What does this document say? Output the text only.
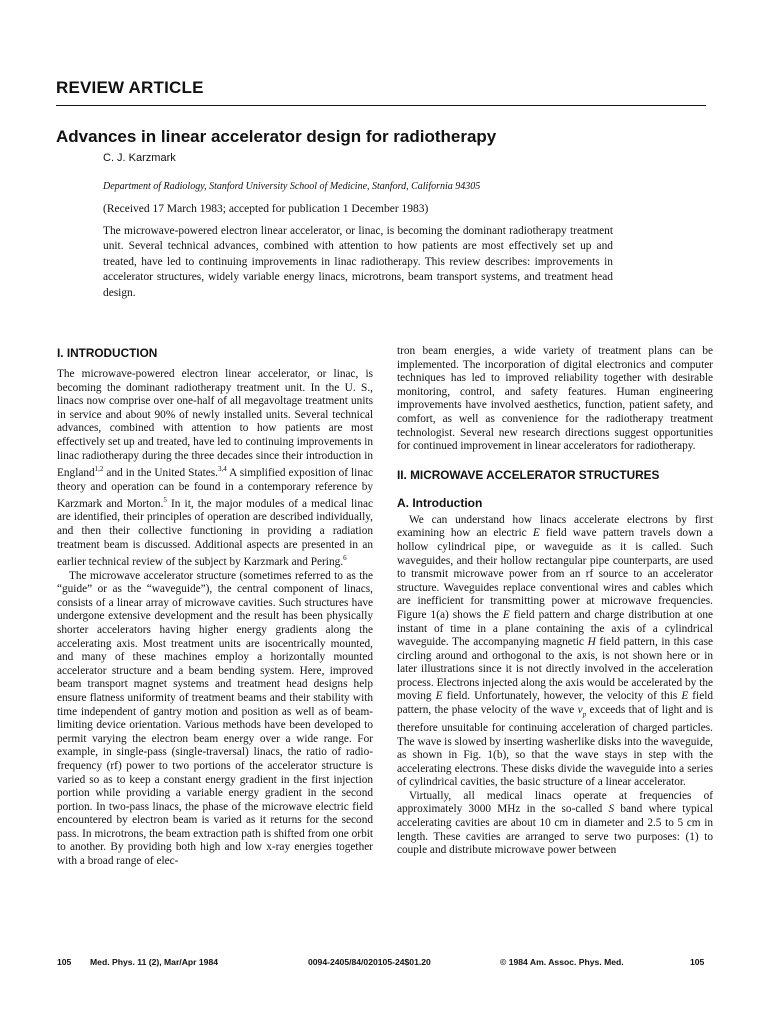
REVIEW ARTICLE
Advances in linear accelerator design for radiotherapy
C. J. Karzmark
Department of Radiology, Stanford University School of Medicine, Stanford, California 94305
(Received 17 March 1983; accepted for publication 1 December 1983)

The microwave-powered electron linear accelerator, or linac, is becoming the dominant radiotherapy treatment unit. Several technical advances, combined with attention to how patients are most effectively set up and treated, have led to continuing improvements in linac radiotherapy. This review describes: improvements in accelerator structures, widely variable energy linacs, microtrons, beam transport systems, and treatment head design.

I. INTRODUCTION

The microwave-powered electron linear accelerator, or linac, is becoming the dominant radiotherapy treatment unit. In the U. S., linacs now comprise over one-half of all megavoltage treatment units in service and about 90% of newly installed units. Several technical advances, combined with attention to how patients are most effectively set up and treated, have led to continuing improvements in linac radiotherapy during the three decades since their introduction in England$^{1,2}$ and in the United States.$^{3,4}$ A simplified exposition of linac theory and operation can be found in a contemporary reference by Karzmark and Morton.$^5$ In it, the major modules of a medical linac are identified, their principles of operation are described individually, and then their collective functioning in providing a radiation treatment beam is discussed. Additional aspects are presented in an earlier technical review of the subject by Karzmark and Pering.$^6$

The microwave accelerator structure (sometimes referred to as the “guide” or as the “waveguide”), the central component of linacs, consists of a linear array of microwave cavities. Such structures have undergone extensive development and the result has been physically shorter accelerators having higher energy gradients along the accelerating axis. Most treatment units are isocentrically mounted, and many of these machines employ a horizontally mounted accelerator structure and a beam bending system. Here, improved beam transport magnet systems and treatment head designs help ensure flatness uniformity of treatment beams and their stability with time independent of gantry motion and position as well as of beam-limiting device orientation. Various methods have been developed to permit varying the electron beam energy over a wide range. For example, in single-pass (single-traversal) linacs, the ratio of radio-frequency (rf) power to two portions of the accelerator structure is varied so as to keep a constant energy gradient in the first injection portion while providing a variable energy gradient in the second portion. In two-pass linacs, the phase of the microwave electric field encountered by electron beam is varied as it returns for the second pass. In microtrons, the beam extraction path is shifted from one orbit to another. By providing both high and low x-ray energies together with a broad range of elec-

tron beam energies, a wide variety of treatment plans can be implemented. The incorporation of digital electronics and computer techniques has led to improved reliability together with desirable monitoring, control, and safety features. Human engineering improvements have involved aesthetics, function, patient safety, and comfort, as well as convenience for the radiotherapy treatment technologist. Several new research directions suggest opportunities for continued improvement in linear accelerators for radiotherapy.

II. MICROWAVE ACCELERATOR STRUCTURES
A. Introduction

We can understand how linacs accelerate electrons by first examining how an electric E field wave pattern travels down a hollow cylindrical pipe, or waveguide as it is called. Such waveguides, and their hollow rectangular pipe counterparts, are used to transmit microwave power from an rf source to an accelerator structure. Waveguides replace conventional wires and cables which are inefficient for transmitting power at microwave frequencies. Figure 1(a) shows the E field pattern and charge distribution at one instant of time in a plane containing the axis of a cylindrical waveguide. The accompanying magnetic H field pattern, in this case circling around and orthogonal to the axis, is not shown here or in later illustrations since it is not directly involved in the acceleration process. Electrons injected along the axis would be accelerated by the moving E field. Unfortunately, however, the velocity of this E field pattern, the phase velocity of the wave $v_p$ exceeds that of light and is therefore unsuitable for continuing acceleration of charged particles. The wave is slowed by inserting washerlike disks into the waveguide, as shown in Fig. 1(b), so that the wave stays in step with the accelerating electrons. These disks divide the waveguide into a series of cylindrical cavities, the basic structure of a linear accelerator.

Virtually, all medical linacs operate at frequencies of approximately 3000 MHz in the so-called S band where typical accelerating cavities are about 10 cm in diameter and 2.5 to 5 cm in length. These cavities are arranged to serve two purposes: (1) to couple and distribute microwave power between

105 Med. Phys. 11 (2), Mar/Apr 1984	0094-2405/84/020105-24$01.20	© 1984 Am. Assoc. Phys. Med.	105
